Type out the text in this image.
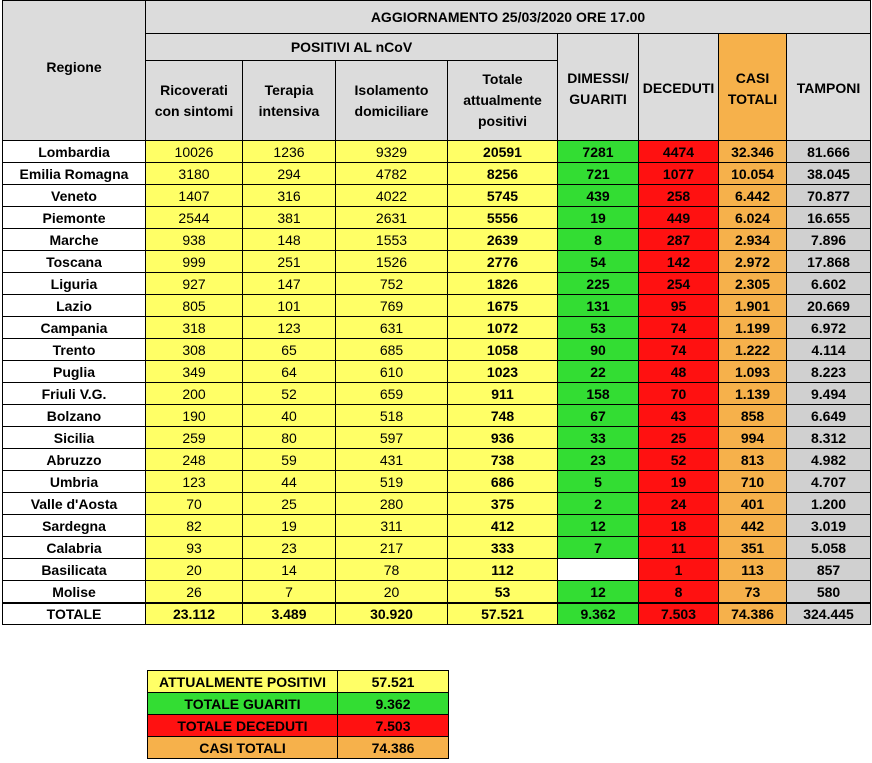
Regione	AGGIORNAMENTO 25/03/2020 ORE 17.00							
	POSITIVI AL nCoV				DIMESSI/ GUARITI	DECEDUTI	CASI TOTALI	TAMPONI
	Ricoverati con sintomi	Terapia intensiva	Isolamento domiciliare	Totale attualmente positivi				
Lombardia	10026	1236	9329	20591	7281	4474	32.346	81.666
Emilia Romagna	3180	294	4782	8256	721	1077	10.054	38.045
Veneto	1407	316	4022	5745	439	258	6.442	70.877
Piemonte	2544	381	2631	5556	19	449	6.024	16.655
Marche	938	148	1553	2639	8	287	2.934	7.896
Toscana	999	251	1526	2776	54	142	2.972	17.868
Liguria	927	147	752	1826	225	254	2.305	6.602
Lazio	805	101	769	1675	131	95	1.901	20.669
Campania	318	123	631	1072	53	74	1.199	6.972
Trento	308	65	685	1058	90	74	1.222	4.114
Puglia	349	64	610	1023	22	48	1.093	8.223
Friuli V.G.	200	52	659	911	158	70	1.139	9.494
Bolzano	190	40	518	748	67	43	858	6.649
Sicilia	259	80	597	936	33	25	994	8.312
Abruzzo	248	59	431	738	23	52	813	4.982
Umbria	123	44	519	686	5	19	710	4.707
Valle d'Aosta	70	25	280	375	2	24	401	1.200
Sardegna	82	19	311	412	12	18	442	3.019
Calabria	93	23	217	333	7	11	351	5.058
Basilicata	20	14	78	112		1	113	857
Molise	26	7	20	53	12	8	73	580
TOTALE	23.112	3.489	30.920	57.521	9.362	7.503	74.386	324.445
ATTUALMENTE POSITIVI	57.521
TOTALE GUARITI	9.362
TOTALE DECEDUTI	7.503
CASI TOTALI	74.386
